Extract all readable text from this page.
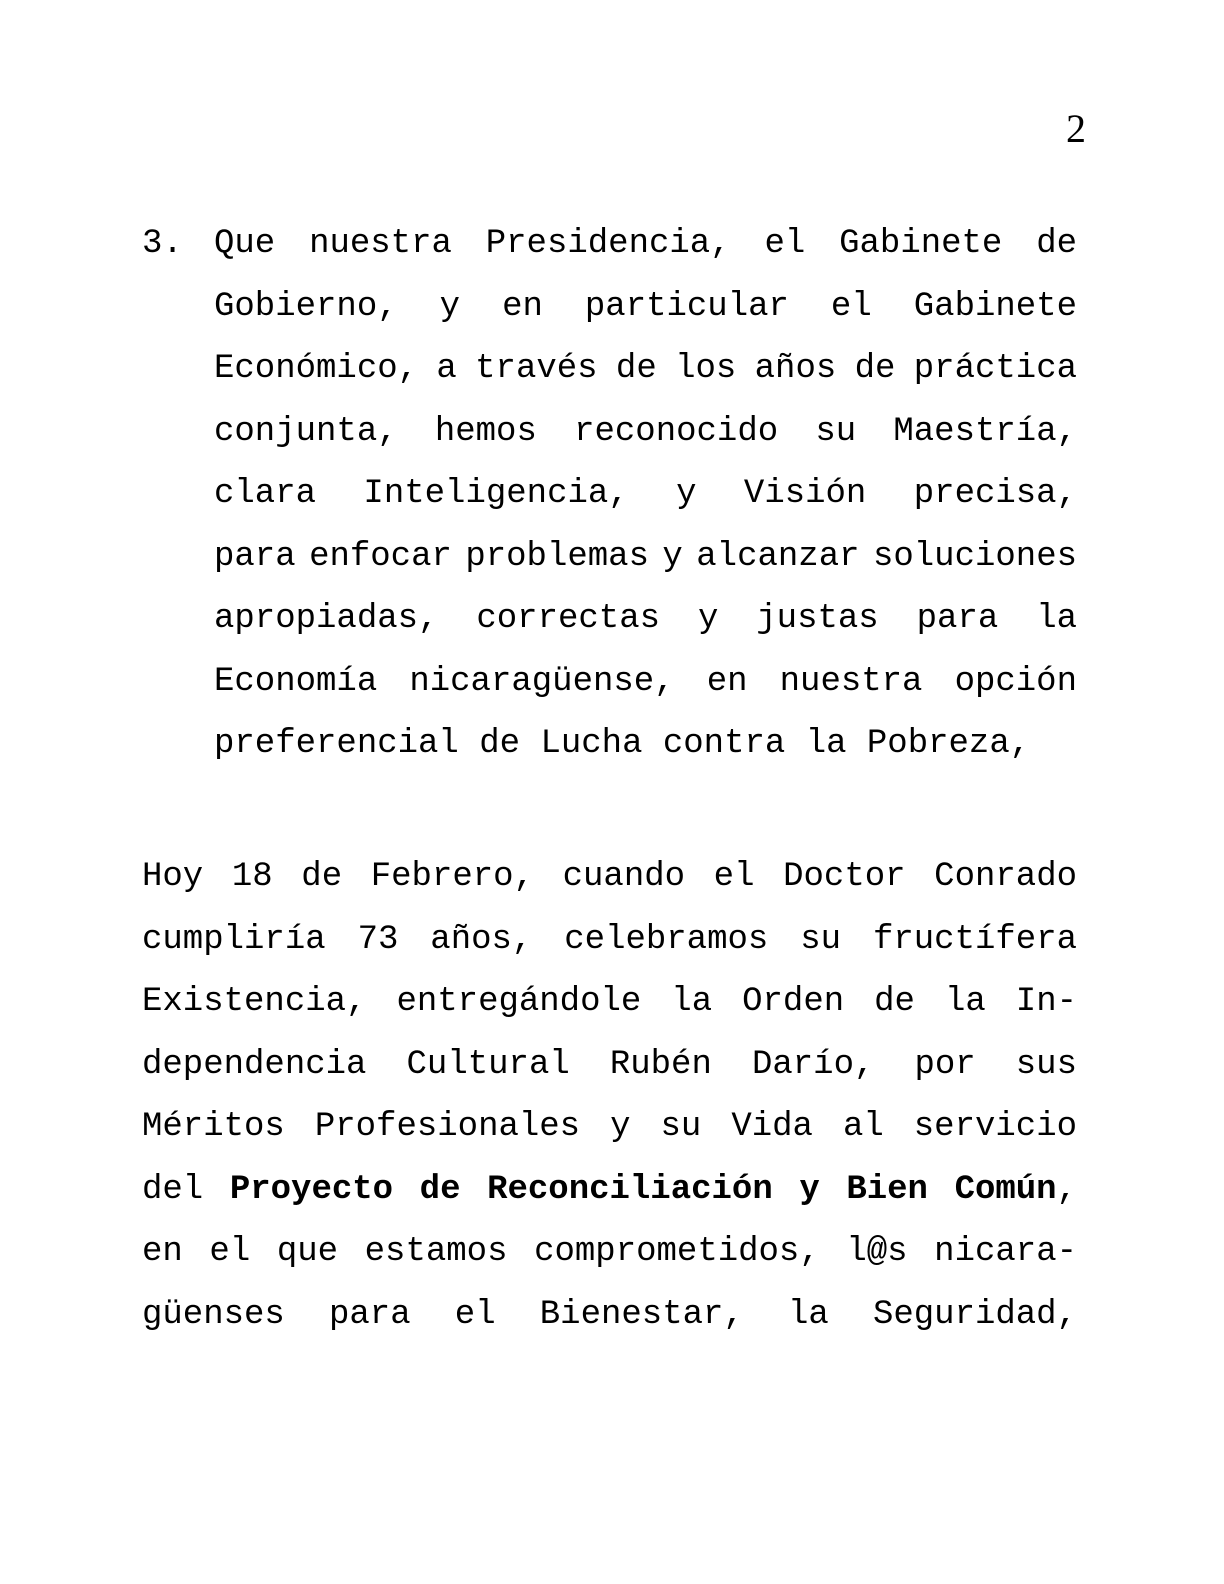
2
3. Que nuestra Presidencia, el Gabinete de
Gobierno, y en particular el Gabinete
Económico, a través de los años de práctica
conjunta, hemos reconocido su Maestría,
clara Inteligencia, y Visión precisa,
para enfocar problemas y alcanzar soluciones
apropiadas, correctas y justas para la
Economía nicaragüense, en nuestra opción
preferencial de Lucha contra la Pobreza,
Hoy 18 de Febrero, cuando el Doctor Conrado
cumpliría 73 años, celebramos su fructífera
Existencia, entregándole la Orden de la In-
dependencia Cultural Rubén Darío, por sus
Méritos Profesionales y su Vida al servicio
del Proyecto de Reconciliación y Bien Común,
en el que estamos comprometidos, l@s nicara-
güenses para el Bienestar, la Seguridad,
